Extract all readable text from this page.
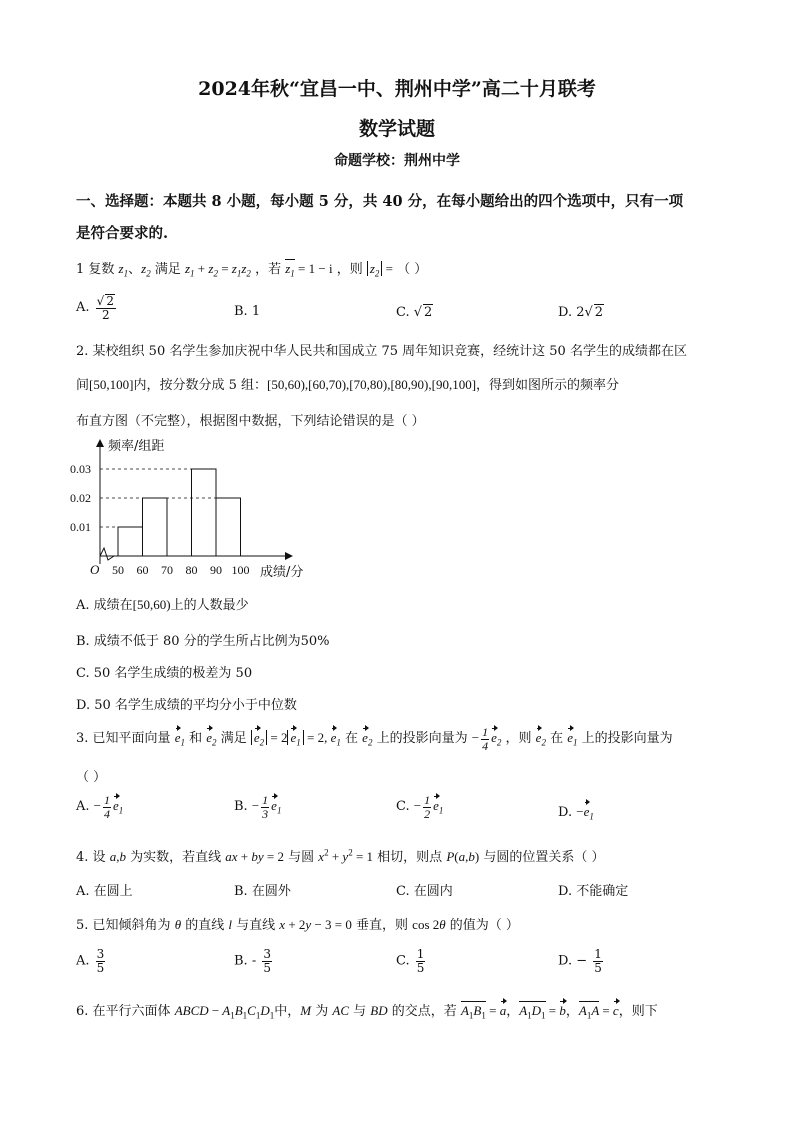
2024年秋“宜昌一中、荆州中学”高二十月联考
数学试题
命题学校：荆州中学
一、选择题：本题共 8 小题，每小题 5 分，共 40 分，在每小题给出的四个选项中，只有一项
是符合要求的.
1 复数 $z_1$、$z_2$ 满足 $z_1 + z_2 = z_1z_2$ ，若 $z_1 = 1 - i$ ，则 $z_2$ = （ ）
A. $\frac{√ 2}{2}$	B. 1	C. √ 2	D. 2√ 2
2. 某校组织 50 名学生参加庆祝中华人民共和国成立 75 周年知识竞赛，经统计这 50 名学生的成绩都在区
间[50,100]内，按分数分成 5 组：[50,60),[60,70),[70,80),[80,90),[90,100]，得到如图所示的频率分
布直方图（不完整），根据图中数据，下列结论错误的是（ ）
频率/组距
成绩/分
O
0.01
0.02
0.03
50 60 70 80 90 100
A. 成绩在[50,60)上的人数最少
B. 成绩不低于 80 分的学生所占比例为50%
C. 50 名学生成绩的极差为 50
D. 50 名学生成绩的平均分小于中位数
3. 已知平面向量 $e_1$ 和 $e_2$ 满足 $e_2 = 2$ $e_1 = 2$, $e_1$ 在 $e_2$ 上的投影向量为 − $\frac{1}{4} e_2$ ，则 $e_2$ 在 $e_1$ 上的投影向量为
（ ）
A. − $\frac{1}{4} e_1$	B. − $\frac{1}{3} e_1$	C. − $\frac{1}{2} e_1$	D. $-e_1$
4. 设 a,b 为实数，若直线 ax + by = 2 与圆 $x^2 + y^2 = 1$ 相切，则点 P(a,b) 与圆的位置关系（ ）
A. 在圆上	B. 在圆外	C. 在圆内	D. 不能确定
5. 已知倾斜角为 θ 的直线 l 与直线 x + 2y − 3 = 0 垂直，则 cos 2θ 的值为（ ）
A. $\frac{3}{5}$	B. - $\frac{3}{5}$	C. $\frac{1}{5}$	D. − $\frac{1}{5}$
6. 在平行六面体 ABCD − $A_1B_1C_1D_1$中，M 为 AC 与 BD 的交点，若 $A_1B_1 = a$，$A_1D_1 = b$，$A_1A = c$，则下
